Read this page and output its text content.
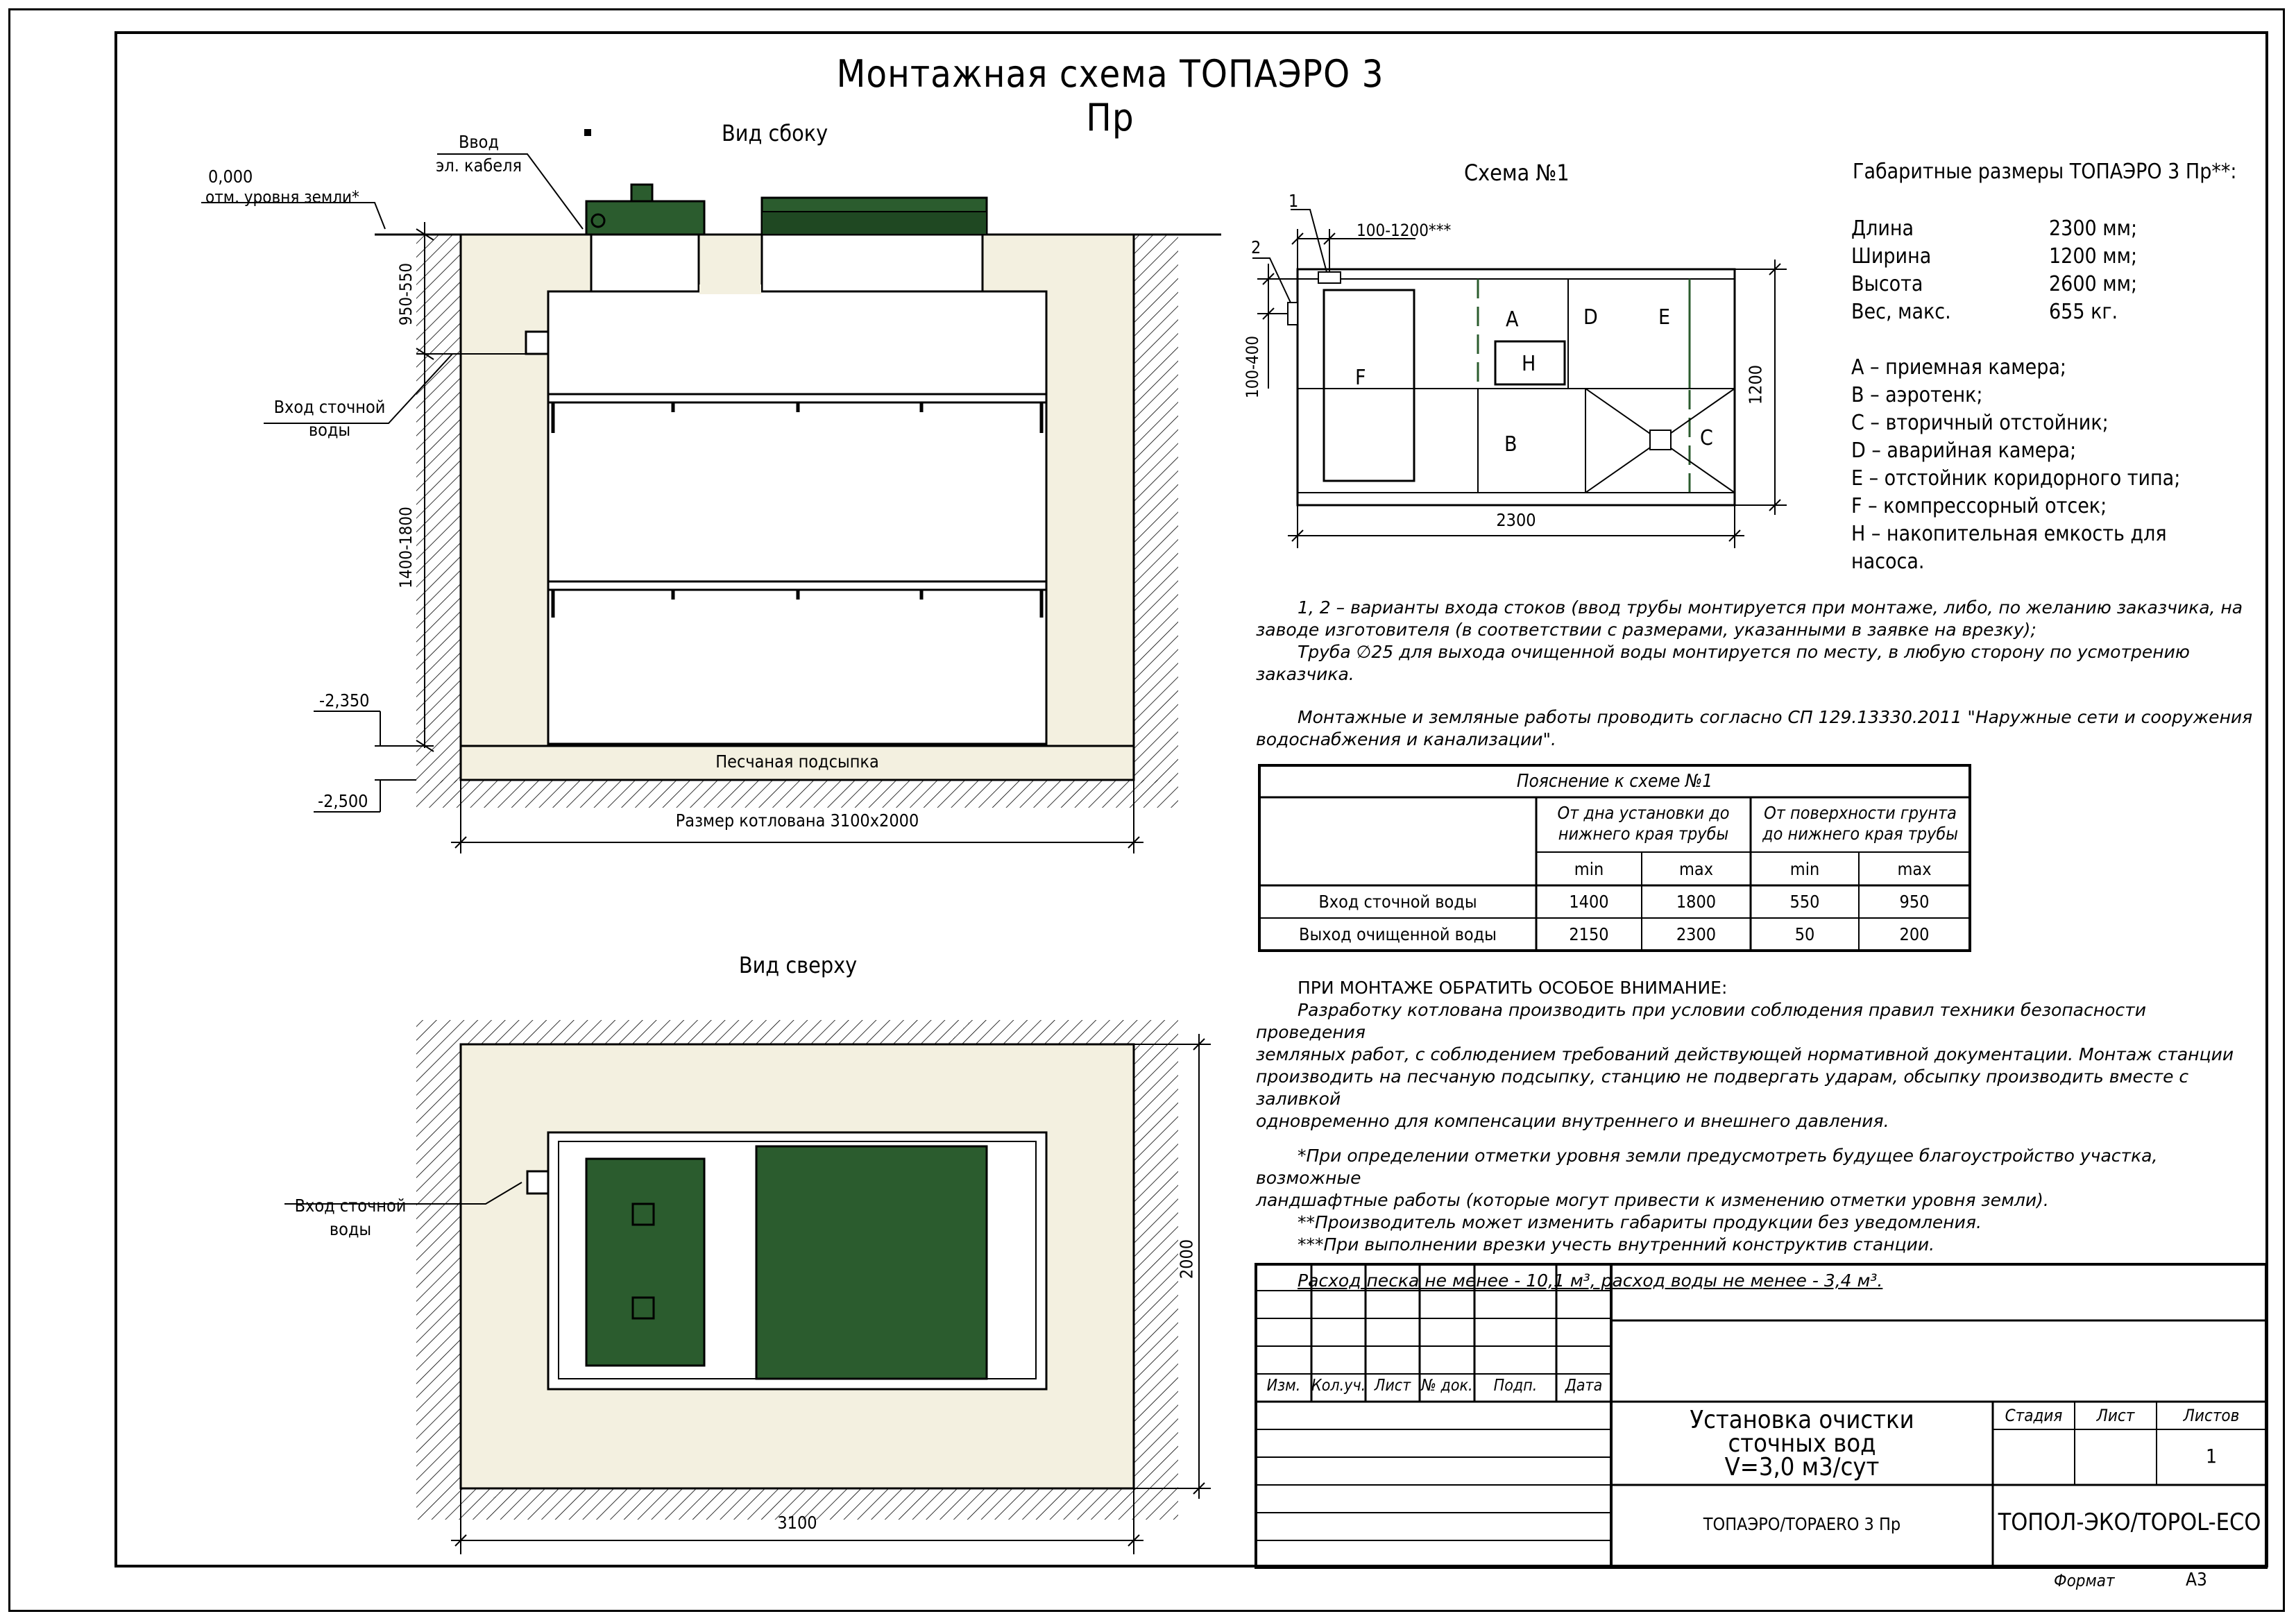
Монтажная схема ТОПАЭРО 3 Пр
Вид сбоку
Ввод
эл. кабеля
0,000
отм. уровня земли*
Вход сточной
воды
950-550
1400-1800
-2,350
-2,500
Песчаная подсыпка
Размер котлована 3100х2000
Вид сверху
Вход сточной
воды
3100
2000
Схема №1
1
2
100-1200***
100-400
2300
1200
A	D	E
H
F
B	C
Габаритные размеры ТОПАЭРО 3 Пр**:
Длина	2300 мм;
Ширина	1200 мм;
Высота	2600 мм;
Вес, макс.	655 кг.
A – приемная камера;
B – аэротенк;
C – вторичный отстойник;
D – аварийная камера;
E – отстойник коридорного типа;
F – компрессорный отсек;
H – накопительная емкость для
насоса.

1, 2 – варианты входа стоков (ввод трубы монтируется при монтаже, либо, по желанию заказчика, на

заводе изготовителя (в соответствии с размерами, указанными в заявке на врезку);

Труба ∅25 для выхода очищенной воды монтируется по месту, в любую сторону по усмотрению заказчика.

Монтажные и земляные работы проводить согласно СП 129.13330.2011 "Наружные сети и сооружения

водоснабжения и канализации".

Пояснение к схеме №1
От дна установки до
нижнего края трубы
От поверхности грунта
до нижнего края трубы
min	max	min	max
Вход сточной воды	1400	1800	550	950
Выход очищенной воды	2150	2300	50	200

ПРИ МОНТАЖЕ ОБРАТИТЬ ОСОБОЕ ВНИМАНИЕ:

Разработку котлована производить при условии соблюдения правил техники безопасности проведения

земляных работ, с соблюдением требований действующей нормативной документации. Монтаж станции

производить на песчаную подсыпку, станцию не подвергать ударам, обсыпку производить вместе с заливкой

одновременно для компенсации внутреннего и внешнего давления.

*При определении отметки уровня земли предусмотреть будущее благоустройство участка, возможные

ландшафтные работы (которые могут привести к изменению отметки уровня земли).

**Производитель может изменить габариты продукции без уведомления.

***При выполнении врезки учесть внутренний конструктив станции.

Расход песка не менее - 10,1 м³, расход воды не менее - 3,4 м³.

Изм. Кол.уч. Лист № док.	Подп.	Дата
Установка очистки
сточных вод
V=3,0 м3/сут
Стадия	Лист	Листов
1
ТОПАЭРО/TOPAERO 3 Пр	ТОПОЛ-ЭКО/TOPOL-ECO
Формат	А3
